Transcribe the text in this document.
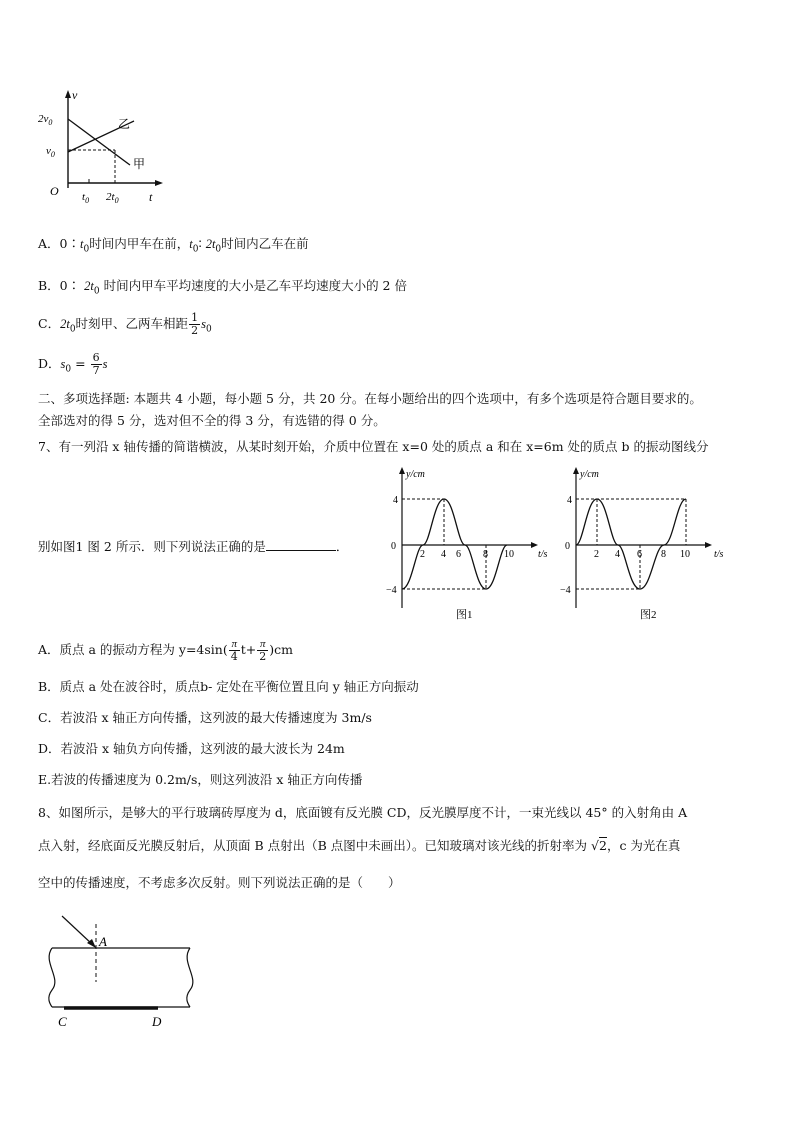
v
t
O
$2v_0$
$v_0$
$t_0$ $2t_0$
乙
甲
A．$0∶t_0$时间内甲车在前，$t_0∶$ $2t_0$时间内乙车在前
B．0∶ $2t_0$ 时间内甲车平均速度的大小是乙车平均速度大小的 2 倍
C．$2t_0$时刻甲、乙两车相距 $\frac{1}{2} s_0$
D．$s_0 = \frac{6}{7}$ s
二、多项选择题: 本题共 4 小题，每小题 5 分，共 20 分。在每小题给出的四个选项中，有多个选项是符合题目要求的。
全部选对的得 5 分，选对但不全的得 3 分，有选错的得 0 分。
7、有一列沿 x 轴传播的简谐横波，从某时刻开始，介质中位置在 x=0 处的质点 a 和在 x=6m 处的质点 b 的振动图线分
别如图1 图 2 所示．则下列说法正确的是	．
y/cm
t/s
4
−4
0
2 4 6 8 10
图1
y/cm
t/s
4
−4
0
2 4 6 8 10
图2
A．质点 a 的振动方程为 $y=4\sin( \frac{\pi}{4} t+ \frac{\pi}{2} )cm$
B．质点 a 处在波谷时，质点b- 定处在平衡位置且向 y 轴正方向振动
C．若波沿 x 轴正方向传播，这列波的最大传播速度为 3m/s
D．若波沿 x 轴负方向传播，这列波的最大波长为 24m
E.若波的传播速度为 0.2m/s，则这列波沿 x 轴正方向传播
8、如图所示，是够大的平行玻璃砖厚度为 d，底面镀有反光膜 CD，反光膜厚度不计，一束光线以 45° 的入射角由 A
点入射，经底面反光膜反射后，从顶面 B 点射出（B 点图中未画出）。已知玻璃对该光线的折射率为 √2，c 为光在真
空中的传播速度，不考虑多次反射。则下列说法正确的是（　　）
A
C	D
